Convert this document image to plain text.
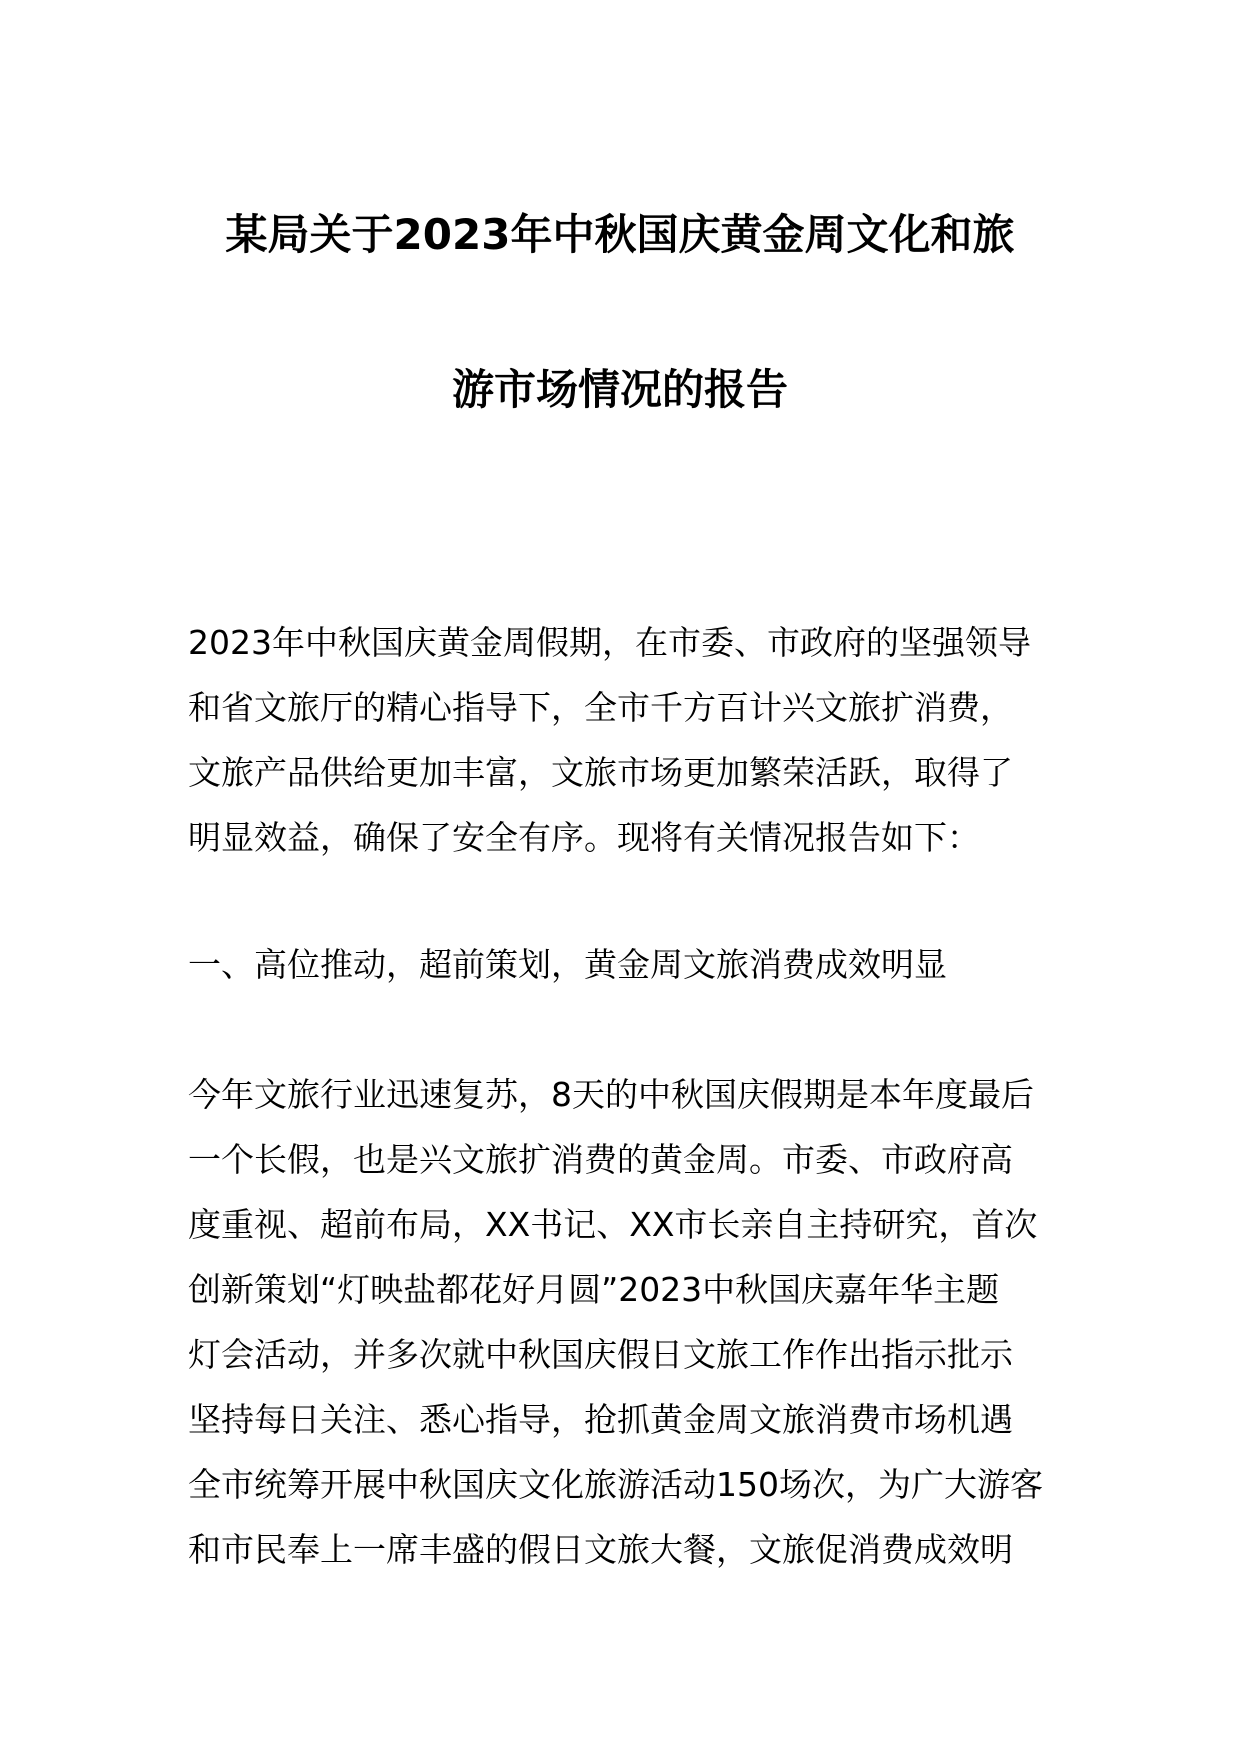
某局关于2023年中秋国庆黄金周文化和旅
游市场情况的报告

2023年中秋国庆黄金周假期，在市委、市政府的坚强领导
和省文旅厅的精心指导下，全市千方百计兴文旅扩消费，
文旅产品供给更加丰富，文旅市场更加繁荣活跃，取得了
明显效益，确保了安全有序。现将有关情况报告如下：

一、高位推动，超前策划，黄金周文旅消费成效明显

今年文旅行业迅速复苏，8天的中秋国庆假期是本年度最后
一个长假，也是兴文旅扩消费的黄金周。市委、市政府高
度重视、超前布局，XX书记、XX市长亲自主持研究，首次
创新策划“灯映盐都花好月圆”2023中秋国庆嘉年华主题
灯会活动，并多次就中秋国庆假日文旅工作作出指示批示
坚持每日关注、悉心指导，抢抓黄金周文旅消费市场机遇
全市统筹开展中秋国庆文化旅游活动150场次，为广大游客
和市民奉上一席丰盛的假日文旅大餐，文旅促消费成效明
